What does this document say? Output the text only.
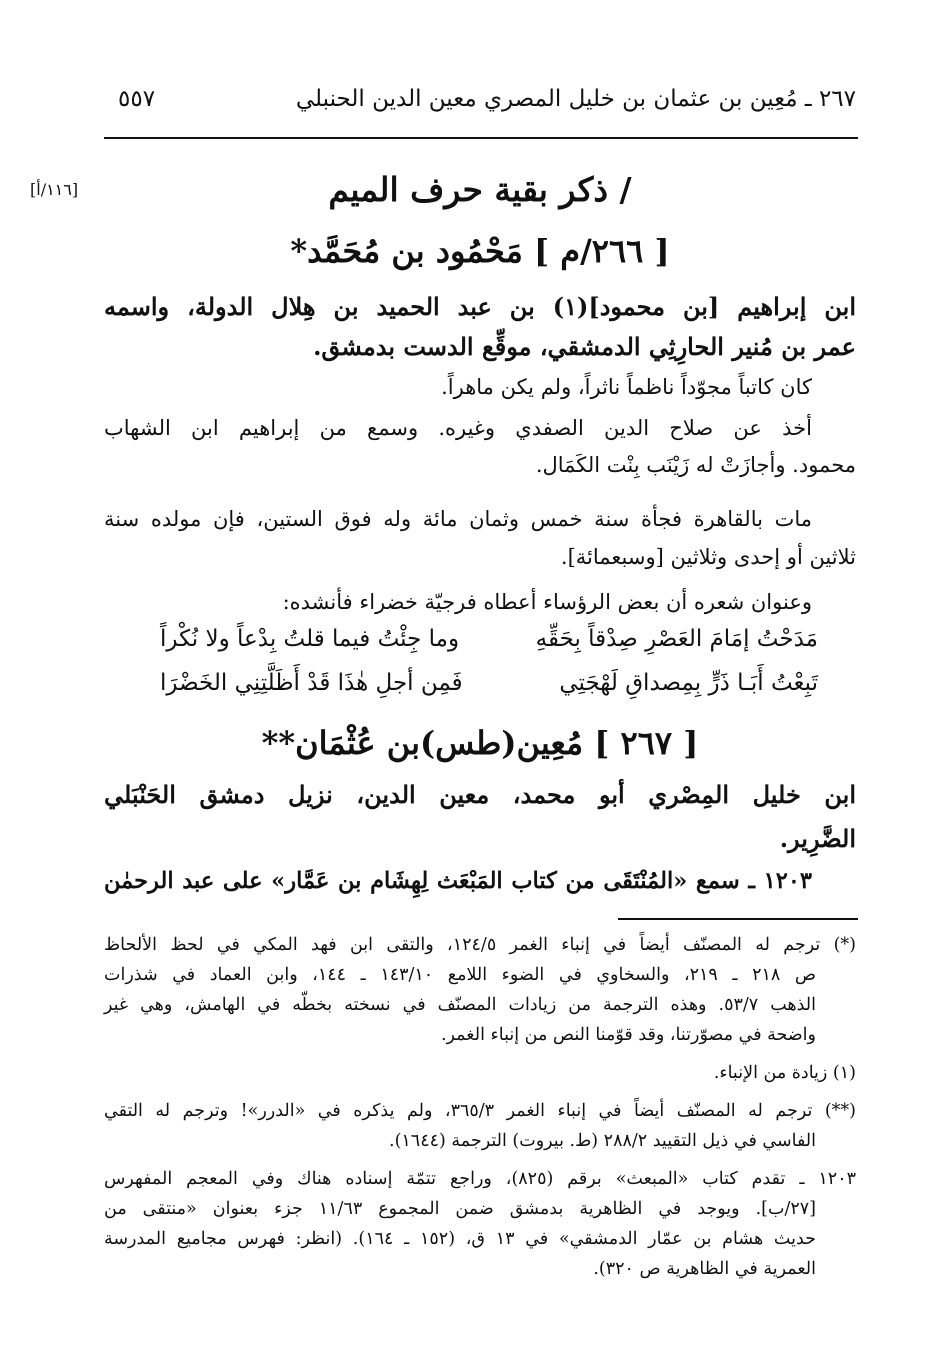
٢٦٧ ـ مُعِين بن عثمان بن خليل المصري معين الدين الحنبلي
٥٥٧
[١١٦/أ]	/ ذكر بقية حرف الميم
[ ٢٦٦/م ] مَحْمُود بن مُحَمَّد*
ابن إبراهيم [بن محمود](١) بن عبد الحميد بن هِلال الدولة، واسمه
عمر بن مُنير الحارِثِي الدمشقي، موقِّع الدست بدمشق.
كان كاتباً مجوّداً ناظماً ناثراً، ولم يكن ماهراً.
أخذ عن صلاح الدين الصفدي وغيره. وسمع من إبراهيم ابن الشهاب
محمود. وأجازَتْ له زَيْنَب بِنْت الكَمَال.
مات بالقاهرة فجأة سنة خمس وثمان مائة وله فوق الستين، فإن مولده سنة
ثلاثين أو إحدى وثلاثين [وسبعمائة].
وعنوان شعره أن بعض الرؤساء أعطاه فرجيّة خضراء فأنشده:
مَدَحْتُ إمَامَ العَصْرِ صِدْقاً بِحَقِّهِ
وما جِئْتُ فيما قلتُ بِدْعاً ولا نُكْراً
تَبِعْتُ أَبَـا ذَرٍّ بِمِصداقِ لَهْجَتِي
فَمِن أجلِ هٰذَا قَدْ أَظَلَّتِنِي الخَضْرَا
[ ٢٦٧ ] مُعِين(طس)بن عُثْمَان**
ابن خليل المِصْري أبو محمد، معين الدين، نزيل دمشق الحَنْبَلي
الضَّرِير.
١٢٠٣ ـ سمع «المُنْتَقَى من كتاب المَبْعَث لِهِشَام بن عَمَّار» على عبد الرحمٰن
(*) ترجم له المصنّف أيضاً في إنباء الغمر ١٢٤/٥، والتقى ابن فهد المكي في لحظ الألحاظ
ص ٢١٨ ـ ٢١٩، والسخاوي في الضوء اللامع ١٤٣/١٠ ـ ١٤٤، وابن العماد في شذرات
الذهب ٥٣/٧. وهذه الترجمة من زيادات المصنّف في نسخته بخطّه في الهامش، وهي غير
واضحة في مصوّرتنا، وقد قوّمنا النص من إنباء الغمر.
(١) زيادة من الإنباء.
(**) ترجم له المصنّف أيضاً في إنباء الغمر ٣٦٥/٣، ولم يذكره في «الدرر»! وترجم له التقي
الفاسي في ذيل التقييد ٢٨٨/٢ (ط. بيروت) الترجمة (١٦٤٤).
١٢٠٣ ـ تقدم كتاب «المبعث» برقم (٨٢٥)، وراجع تتمّة إسناده هناك وفي المعجم المفهرس
[٢٧/ب]. ويوجد في الظاهرية بدمشق ضمن المجموع ١١/٦٣ جزء بعنوان «منتقى من
حديث هشام بن عمّار الدمشقي» في ١٣ ق، (١٥٢ ـ ١٦٤). (انظر: فهرس مجاميع المدرسة
العمرية في الظاهرية ص ٣٢٠).
